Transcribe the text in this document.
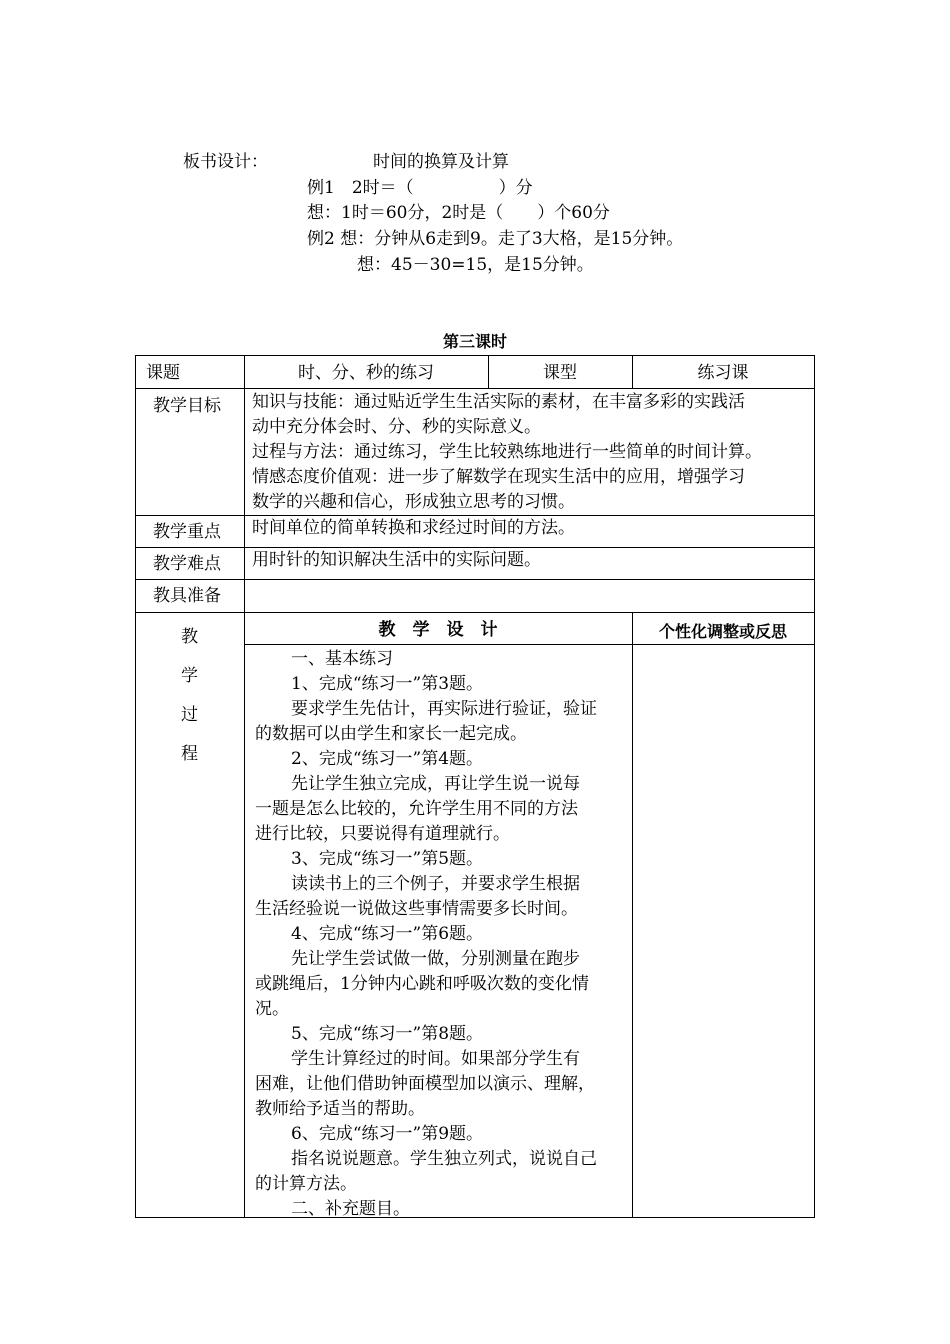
板书设计：	时间的换算及计算
例1　2时＝（　　　　　）分
想：1时＝60分，2时是（　　）个60分
例2 想：分钟从6走到9。走了3大格，是15分钟。
想：45－30=15，是15分钟。
第三课时
课题	时、分、秒的练习	课型	练习课
教学目标 知识与技能：通过贴近学生生活实际的素材，在丰富多彩的实践活
动中充分体会时、分、秒的实际意义。
过程与方法：通过练习，学生比较熟练地进行一些简单的时间计算。
情感态度价值观：进一步了解数学在现实生活中的应用，增强学习
数学的兴趣和信心，形成独立思考的习惯。
教学重点 时间单位的简单转换和求经过时间的方法。
教学难点 用时针的知识解决生活中的实际问题。
教具准备
教
学
过
程
教　学　设　计	个性化调整或反思
一、基本练习
1、完成“练习一”第3题。
要求学生先估计，再实际进行验证，验证
的数据可以由学生和家长一起完成。
2、完成“练习一”第4题。
先让学生独立完成，再让学生说一说每
一题是怎么比较的，允许学生用不同的方法
进行比较，只要说得有道理就行。
3、完成“练习一”第5题。
读读书上的三个例子，并要求学生根据
生活经验说一说做这些事情需要多长时间。
4、完成“练习一”第6题。
先让学生尝试做一做，分别测量在跑步
或跳绳后，1分钟内心跳和呼吸次数的变化情
况。
5、完成“练习一”第8题。
学生计算经过的时间。如果部分学生有
困难，让他们借助钟面模型加以演示、理解，
教师给予适当的帮助。
6、完成“练习一”第9题。
指名说说题意。学生独立列式，说说自己
的计算方法。
二、补充题目。
